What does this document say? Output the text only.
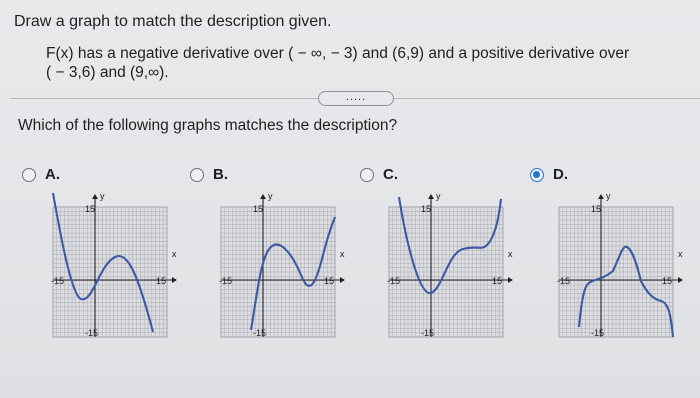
Draw a graph to match the description given.
F(x) has a negative derivative over ( − ∞, − 3) and (6,9) and a positive derivative over
( − 3,6) and (9,∞).
.....
Which of the following graphs matches the description?
A.	B.	C.	D.
y
x
15
-15
-15	15
y
x
15
-15
-15	15
y
x
15
-15
-15	15
y
x
15
-15
-15	15
